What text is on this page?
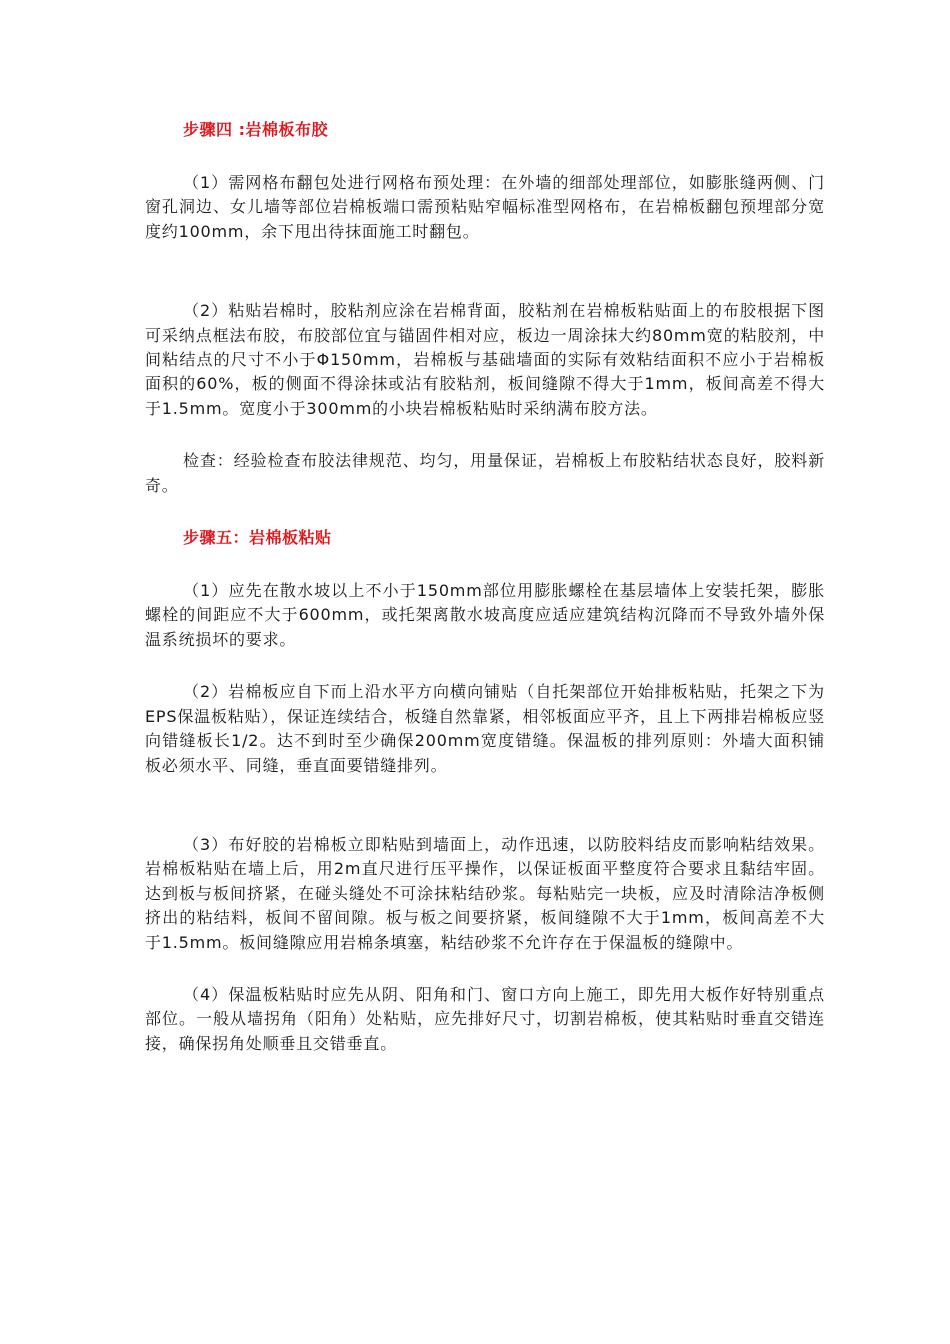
步骤四 :岩棉板布胶

（1）需网格布翻包处进行网格布预处理：在外墙的细部处理部位，如膨胀缝两侧、门窗孔洞边、女儿墙等部位岩棉板端口需预粘贴窄幅标准型网格布，在岩棉板翻包预埋部分宽度约100mm，余下甩出待抹面施工时翻包。

（2）粘贴岩棉时，胶粘剂应涂在岩棉背面，胶粘剂在岩棉板粘贴面上的布胶根据下图可采纳点框法布胶，布胶部位宜与锚固件相对应，板边一周涂抹大约80mm宽的粘胶剂，中间粘结点的尺寸不小于Φ150mm，岩棉板与基础墙面的实际有效粘结面积不应小于岩棉板面积的60%，板的侧面不得涂抹或沾有胶粘剂，板间缝隙不得大于1mm，板间高差不得大于1.5mm。宽度小于300mm的小块岩棉板粘贴时采纳满布胶方法。

检查：经验检查布胶法律规范、均匀，用量保证，岩棉板上布胶粘结状态良好，胶料新奇。

步骤五：岩棉板粘贴

（1）应先在散水坡以上不小于150mm部位用膨胀螺栓在基层墙体上安装托架，膨胀螺栓的间距应不大于600mm，或托架离散水坡高度应适应建筑结构沉降而不导致外墙外保温系统损坏的要求。

（2）岩棉板应自下而上沿水平方向横向铺贴（自托架部位开始排板粘贴，托架之下为EPS保温板粘贴），保证连续结合，板缝自然靠紧，相邻板面应平齐，且上下两排岩棉板应竖向错缝板长1/2。达不到时至少确保200mm宽度错缝。保温板的排列原则：外墙大面积铺板必须水平、同缝，垂直面要错缝排列。

（3）布好胶的岩棉板立即粘贴到墙面上，动作迅速，以防胶料结皮而影响粘结效果。岩棉板粘贴在墙上后，用2m直尺进行压平操作，以保证板面平整度符合要求且黏结牢固。达到板与板间挤紧，在碰头缝处不可涂抹粘结砂浆。每粘贴完一块板，应及时清除洁净板侧挤出的粘结料，板间不留间隙。板与板之间要挤紧，板间缝隙不大于1mm，板间高差不大于1.5mm。板间缝隙应用岩棉条填塞，粘结砂浆不允许存在于保温板的缝隙中。

（4）保温板粘贴时应先从阴、阳角和门、窗口方向上施工，即先用大板作好特别重点部位。一般从墙拐角（阳角）处粘贴，应先排好尺寸，切割岩棉板，使其粘贴时垂直交错连接，确保拐角处顺垂且交错垂直。
